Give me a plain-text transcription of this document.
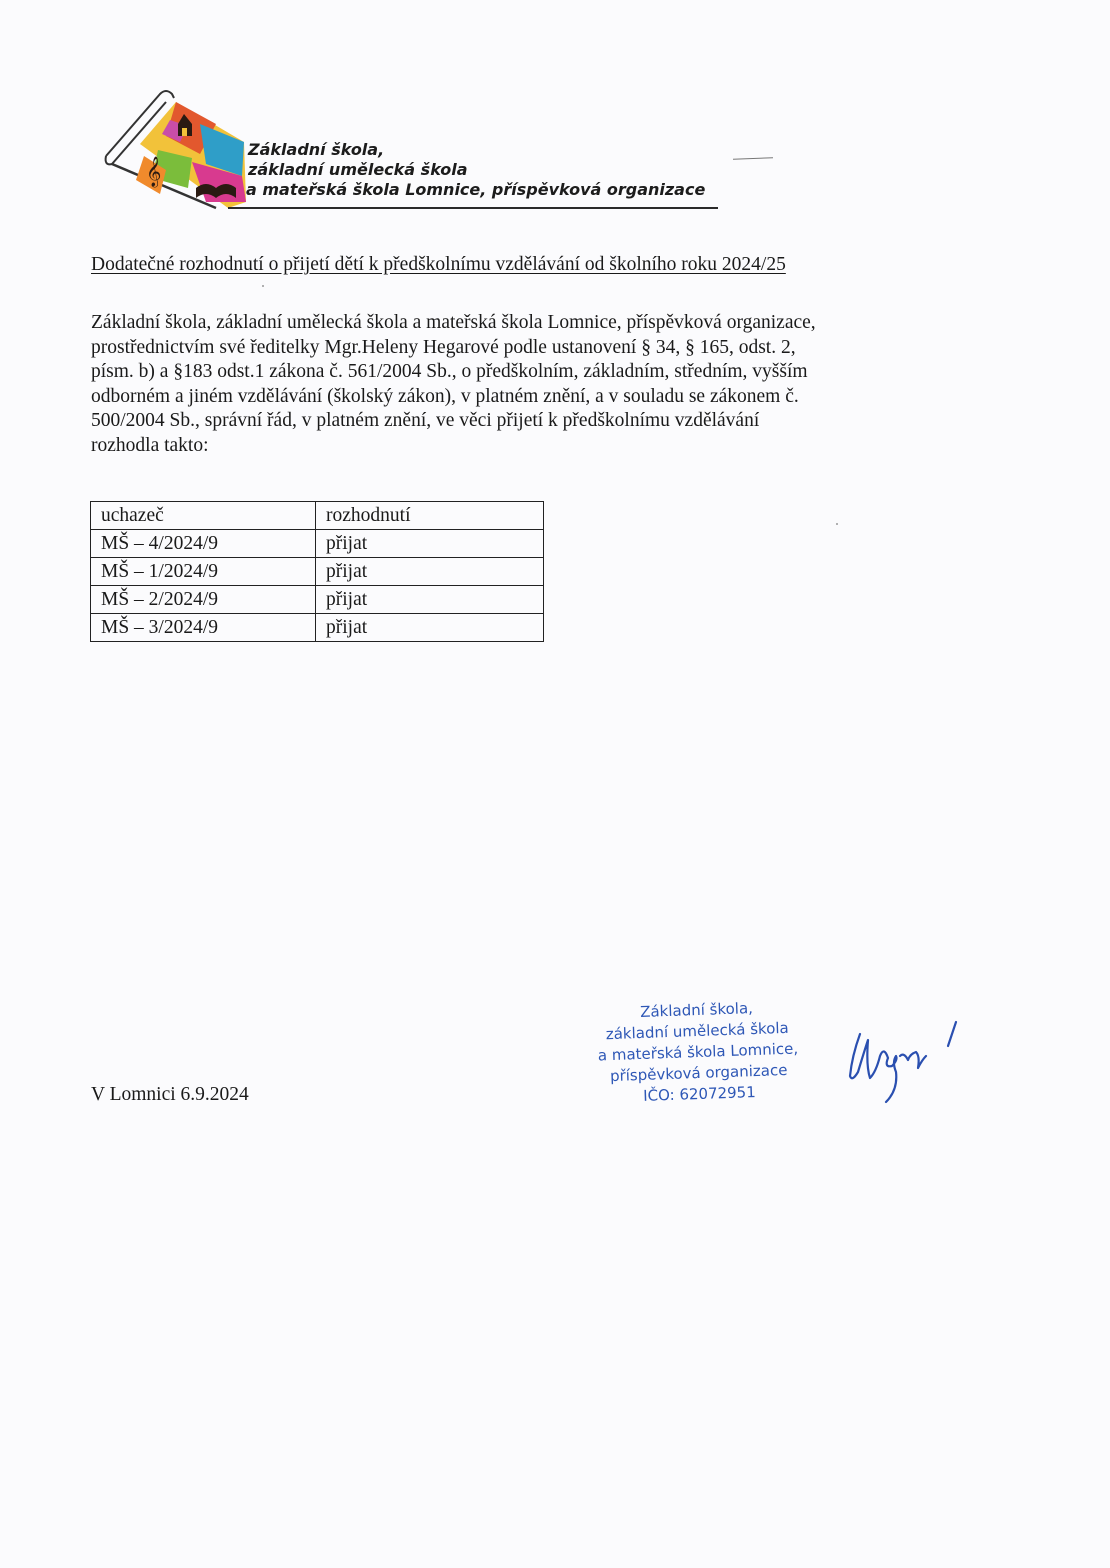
𝄞
Základní škola,
základní umělecká škola
a mateřská škola Lomnice, příspěvková organizace
Dodatečné rozhodnutí o přijetí dětí k předškolnímu vzdělávání od školního roku 2024/25
Základní škola, základní umělecká škola a mateřská škola Lomnice, příspěvková organizace,
prostřednictvím své ředitelky Mgr.Heleny Hegarové podle ustanovení § 34, § 165, odst. 2,
písm. b) a §183 odst.1 zákona č. 561/2004 Sb., o předškolním, základním, středním, vyšším
odborném a jiném vzdělávání (školský zákon), v platném znění, a v souladu se zákonem č.
500/2004 Sb., správní řád, v platném znění, ve věci přijetí k předškolnímu vzdělávání
rozhodla takto:
uchazeč	rozhodnutí
MŠ – 4/2024/9	přijat
MŠ – 1/2024/9	přijat
MŠ – 2/2024/9	přijat
MŠ – 3/2024/9	přijat
V Lomnici 6.9.2024
Základní škola,
základní umělecká škola
a mateřská škola Lomnice,
příspěvková organizace
IČO: 62072951
